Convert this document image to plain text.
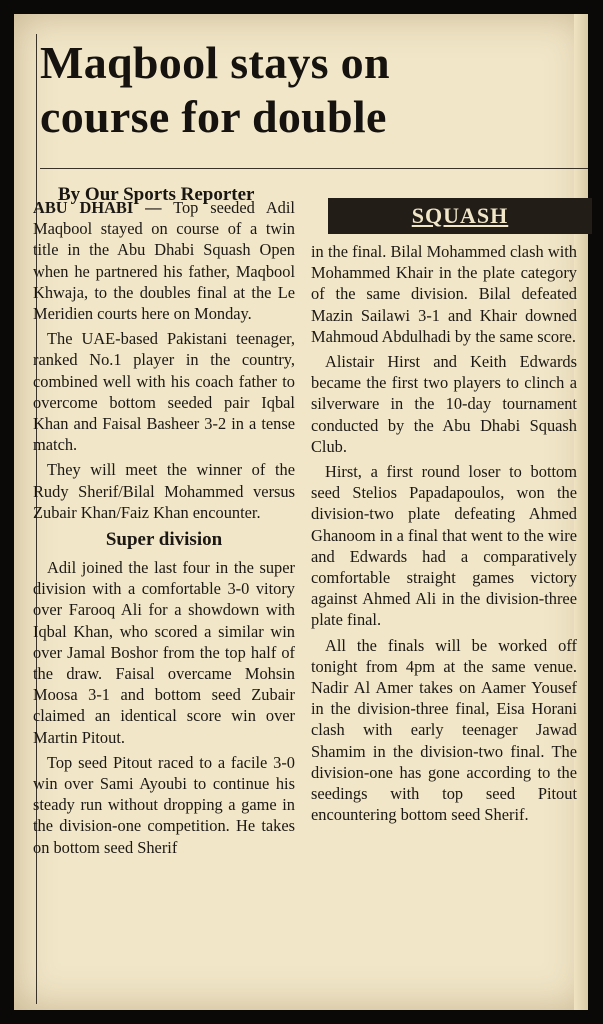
Maqbool stays on
course for double
By Our Sports Reporter
SQUASH

ABU DHABI — Top seeded Adil Maqbool stayed on course of a twin title in the Abu Dhabi Squash Open when he partnered his father, Maqbool Khwaja, to the doubles final at the Le Meridien courts here on Monday.

The UAE-based Pakistani teenager, ranked No.1 player in the country, combined well with his coach father to overcome bottom seeded pair Iqbal Khan and Faisal Basheer 3-2 in a tense match.

They will meet the winner of the Rudy Sherif/Bilal Mohammed versus Zubair Khan/Faiz Khan encounter.

Super division

Adil joined the last four in the super division with a comfortable 3-0 vitory over Farooq Ali for a showdown with Iqbal Khan, who scored a similar win over Jamal Boshor from the top half of the draw. Faisal overcame Mohsin Moosa 3-1 and bottom seed Zubair claimed an identical score win over Martin Pitout.

Top seed Pitout raced to a facile 3-0 win over Sami Ayoubi to continue his steady run without dropping a game in the division-one competition. He takes on bottom seed Sherif

in the final. Bilal Mohammed clash with Mohammed Khair in the plate category of the same division. Bilal defeated Mazin Sailawi 3-1 and Khair downed Mahmoud Abdulhadi by the same score.

Alistair Hirst and Keith Edwards became the first two players to clinch a silverware in the 10-day tournament conducted by the Abu Dhabi Squash Club.

Hirst, a first round loser to bottom seed Stelios Papadapoulos, won the division-two plate defeating Ahmed Ghanoom in a final that went to the wire and Edwards had a comparatively comfortable straight games victory against Ahmed Ali in the division-three plate final.

All the finals will be worked off tonight from 4pm at the same venue. Nadir Al Amer takes on Aamer Yousef in the division-three final, Eisa Horani clash with early teenager Jawad Shamim in the division-two final. The division-one has gone according to the seedings with top seed Pitout encountering bottom seed Sherif.
